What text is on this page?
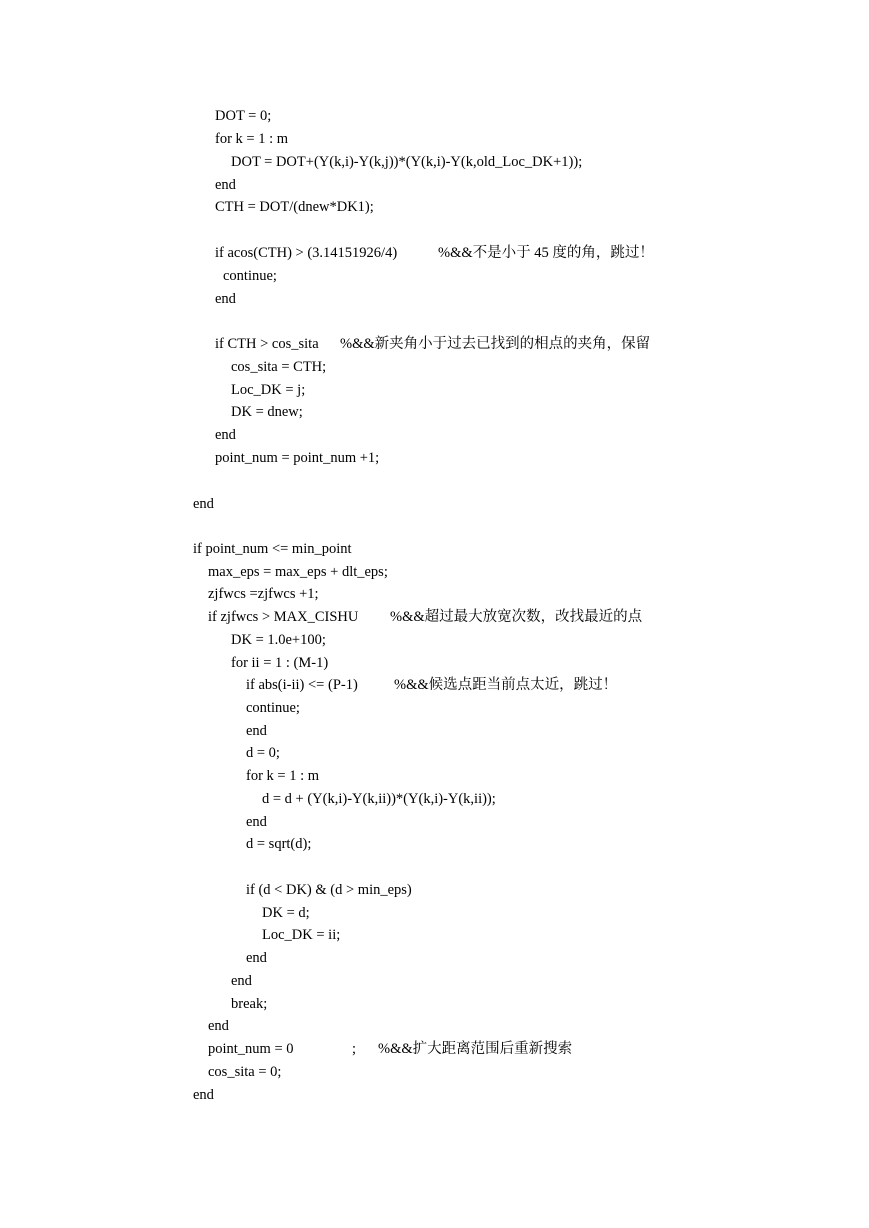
DOT = 0;
for k = 1 : m
DOT = DOT+(Y(k,i)-Y(k,j))*(Y(k,i)-Y(k,old_Loc_DK+1));
end
CTH = DOT/(dnew*DK1);
if acos(CTH) > (3.14151926/4)	%&&不是小于 45 度的角，跳过！
continue;
end
if CTH > cos_sita %&&新夹角小于过去已找到的相点的夹角，保留
cos_sita = CTH;
Loc_DK = j;
DK = dnew;
end
point_num = point_num +1;
end
if point_num <= min_point
max_eps = max_eps + dlt_eps;
zjfwcs =zjfwcs +1;
if zjfwcs > MAX_CISHU %&&超过最大放宽次数，改找最近的点
DK = 1.0e+100;
for ii = 1 : (M-1)
if abs(i-ii) <= (P-1) %&&候选点距当前点太近，跳过！
continue;
end
d = 0;
for k = 1 : m
d = d + (Y(k,i)-Y(k,ii))*(Y(k,i)-Y(k,ii));
end
d = sqrt(d);
if (d < DK) & (d > min_eps)
DK = d;
Loc_DK = ii;
end
end
break;
end
point_num = 0	; %&&扩大距离范围后重新搜索
cos_sita = 0;
end
